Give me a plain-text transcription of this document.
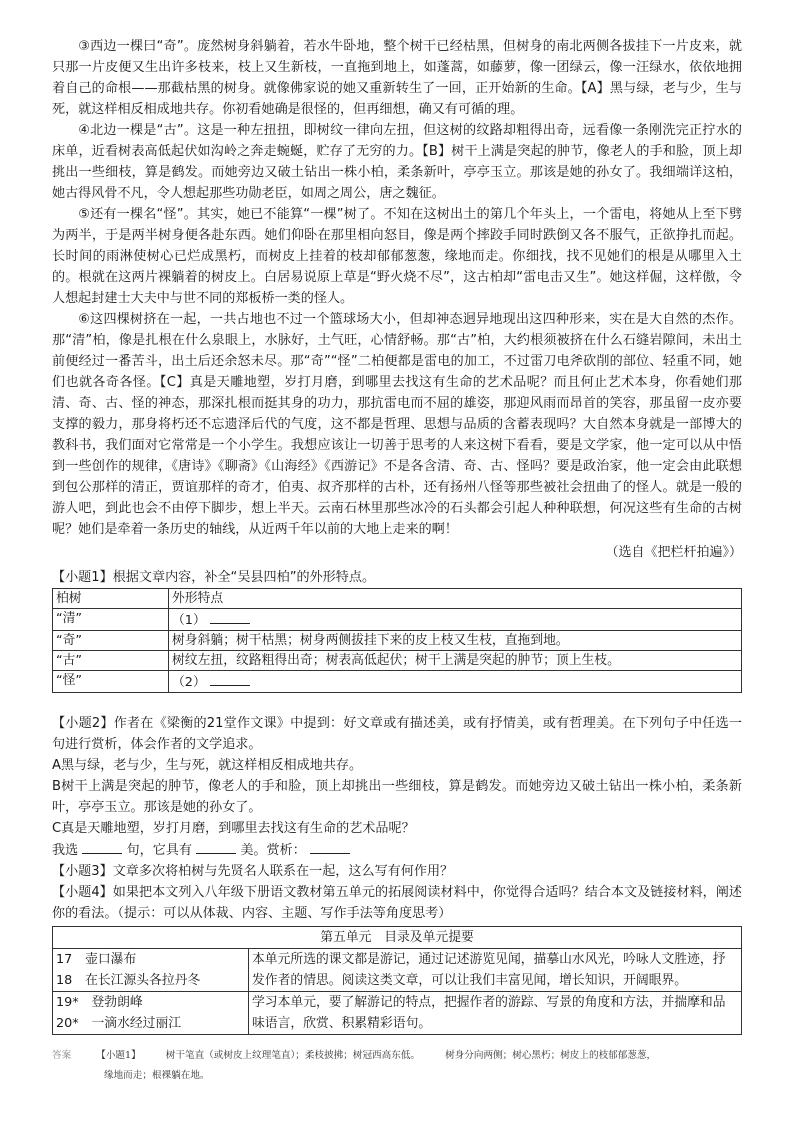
③西边一棵曰“奇”。庞然树身斜躺着，若水牛卧地，整个树干已经枯黑，但树身的南北两侧各拔挂下一片皮来，就只那一片皮便又生出许多枝来，枝上又生新枝，一直拖到地上，如蓬蒿，如藤萝，像一团绿云，像一汪绿水，依依地拥着自己的命根——那截枯黑的树身。就像佛家说的她又重新转生了一回，正开始新的生命。【A】黑与绿，老与少，生与死，就这样相反相成地共存。你初看她确是很怪的，但再细想，确又有可循的理。

④北边一棵是“古”。这是一种左扭扭，即树纹一律向左扭，但这树的纹路却粗得出奇，远看像一条刚洗完正拧水的床单，近看树表高低起伏如沟岭之奔走蜿蜒，贮存了无穷的力。【B】树干上满是突起的肿节，像老人的手和脸，顶上却挑出一些细枝，算是鹤发。而她旁边又破土钻出一株小柏，柔条新叶，亭亭玉立。那该是她的孙女了。我细端详这柏，她古得风骨不凡，令人想起那些功勋老臣，如周之周公，唐之魏征。

⑤还有一棵名“怪”。其实，她已不能算“一棵”树了。不知在这树出土的第几个年头上，一个雷电，将她从上至下劈为两半，于是两半树身便各赴东西。她们仰卧在那里相向怒目，像是两个摔跤手同时跌倒又各不服气，正欲挣扎而起。长时间的雨淋使树心已烂成黑朽，而树皮上挂着的枝却郁郁葱葱，缘地而走。你细找，找不见她们的根是从哪里入土的。根就在这两片裸躺着的树皮上。白居易说原上草是“野火烧不尽”，这古柏却“雷电击又生”。她这样倔，这样傲，令人想起封建士大夫中与世不同的郑板桥一类的怪人。

⑥这四棵树挤在一起，一共占地也不过一个篮球场大小，但却神态迥异地现出这四种形来，实在是大自然的杰作。那“清”柏，像是扎根在什么泉眼上，水脉好，土气旺，心情舒畅。那“古”柏，大约根须被挤在什么石缝岩隙间，未出土前便经过一番苦斗，出土后还余怒未尽。那“奇”“怪”二柏便都是雷电的加工，不过雷刀电斧砍削的部位、轻重不同，她们也就各奇各怪。【C】真是天雕地塑，岁打月磨，到哪里去找这有生命的艺术品呢？而且何止艺术本身，你看她们那清、奇、古、怪的神态，那深扎根而挺其身的功力，那抗雷电而不屈的雄姿，那迎风雨而昂首的笑容，那虽留一皮亦要支撑的毅力，那身将朽还不忘遗泽后代的气度，这不都是哲理、思想与品质的含蓄表现吗？大自然本身就是一部博大的教科书，我们面对它常常是一个小学生。我想应该让一切善于思考的人来这树下看看，要是文学家，他一定可以从中悟到一些创作的规律，《唐诗》《聊斋》《山海经》《西游记》不是各含清、奇、古、怪吗？要是政治家，他一定会由此联想到包公那样的清正，贾谊那样的奇才，伯夷、叔齐那样的古朴，还有扬州八怪等那些被社会扭曲了的怪人。就是一般的游人吧，到此也会不由停下脚步，想上半天。云南石林里那些冰冷的石头都会引起人种种联想，何况这些有生命的古树呢？她们是牵着一条历史的轴线，从近两千年以前的大地上走来的啊！

（选自《把栏杆拍遍》）

【小题1】根据文章内容，补全“吴县四柏”的外形特点。

柏树	外形特点
“清”	（1）
“奇”	树身斜躺；树干枯黑；树身两侧拔挂下来的皮上枝又生枝，直拖到地。
“古”	树纹左扭，纹路粗得出奇；树表高低起伏；树干上满是突起的肿节；顶上生枝。
“怪”	（2）

【小题2】作者在《梁衡的21堂作文课》中提到：好文章或有描述美，或有抒情美，或有哲理美。在下列句子中任选一句进行赏析，体会作者的文学追求。

A黑与绿，老与少，生与死，就这样相反相成地共存。

B树干上满是突起的肿节，像老人的手和脸，顶上却挑出一些细枝，算是鹤发。而她旁边又破土钻出一株小柏，柔条新叶，亭亭玉立。那该是她的孙女了。

C真是天雕地塑，岁打月磨，到哪里去找这有生命的艺术品呢？

我选	句，它具有	美。赏析：

【小题3】文章多次将柏树与先贤名人联系在一起，这么写有何作用？

【小题4】如果把本文列入八年级下册语文教材第五单元的拓展阅读材料中，你觉得合适吗？结合本文及链接材料，阐述你的看法。（提示：可以从体裁、内容、主题、写作手法等角度思考）

第五单元　目录及单元提要	

17　壶口瀑布
18　在长江源头各拉丹冬	本单元所选的课文都是游记，通过记述游览见闻，描摹山水风光，吟咏人文胜迹，抒发作者的情思。阅读这类文章，可以让我们丰富见闻，增长知识，开阔眼界。

19*　登勃朗峰
20*　一滴水经过丽江	学习本单元，要了解游记的特点，把握作者的游踪、写景的角度和方法，并揣摩和品味语言，欣赏、积累精彩语句。
答案	【小题1】	树干笔直（或树皮上纹理笔直）；柔枝披拂；树冠西高东低。	树身分向两侧；树心黑朽；树皮上的枝郁郁葱葱，
缘地而走；根裸躺在地。
